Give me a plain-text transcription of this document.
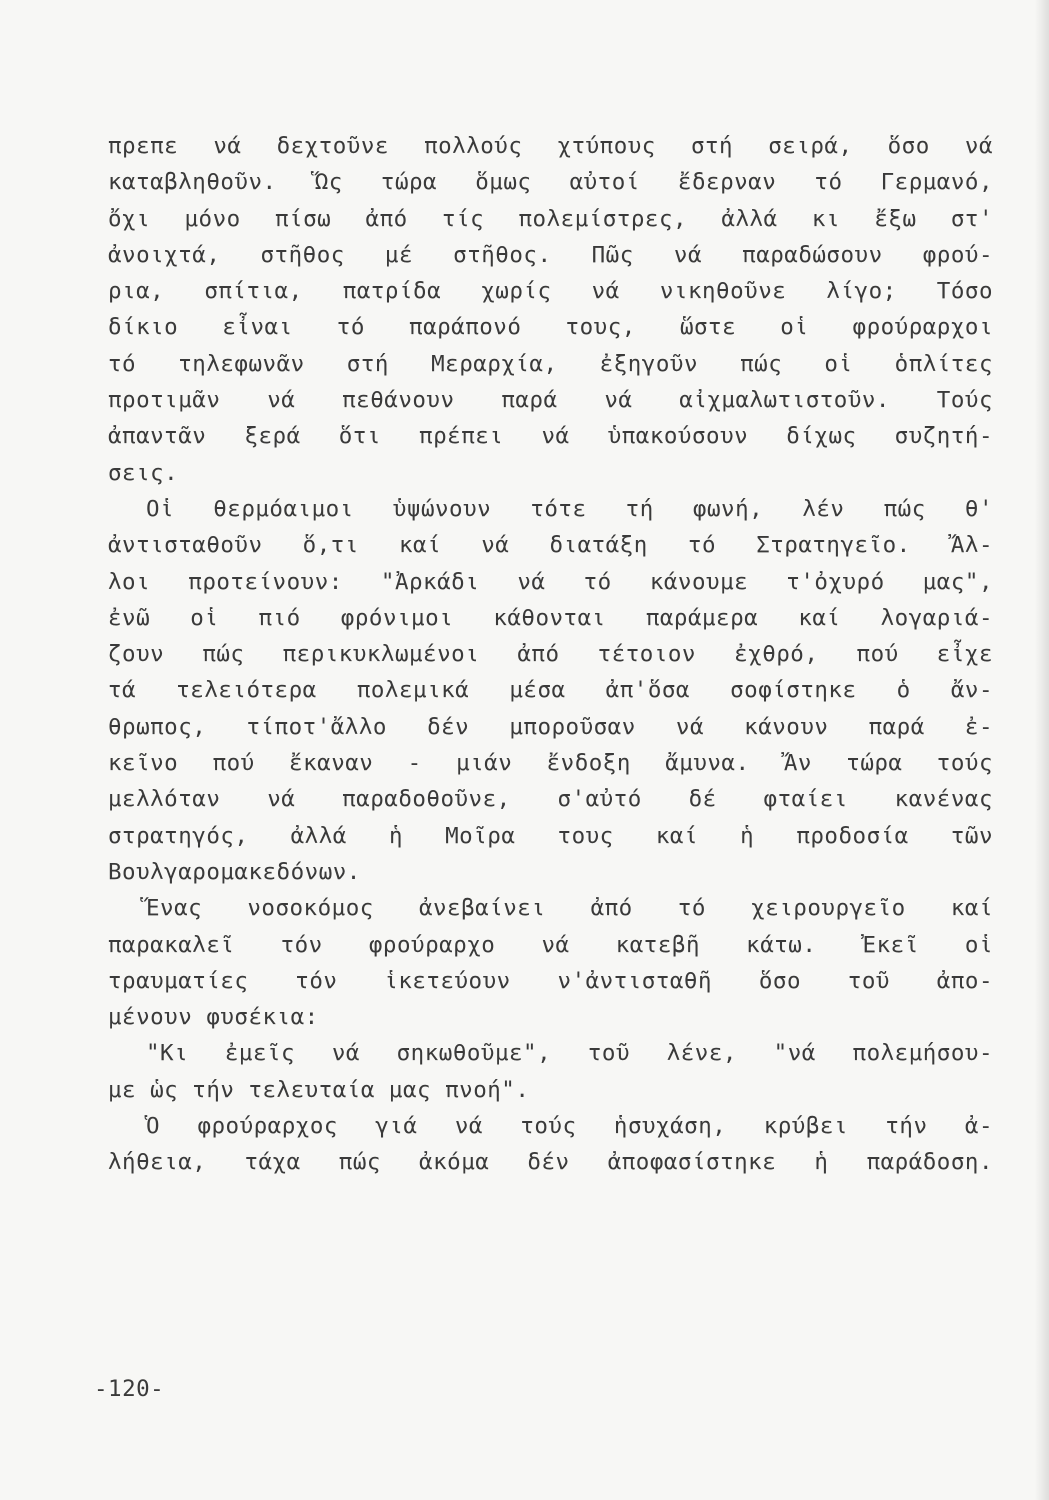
πρεπε νά δεχτοῦνε πολλούς χτύπους στή σειρά, ὅσο νά
καταβληθοῦν. Ὥς τώρα ὅμως αὐτοί ἔδερναν τό Γερμανό,
ὄχι μόνο πίσω ἀπό τίς πολεμίστρες, ἀλλά κι ἔξω στ'
ἀνοιχτά, στῆθος μέ στῆθος. Πῶς νά παραδώσουν φρού-
ρια, σπίτια, πατρίδα χωρίς νά νικηθοῦνε λίγο; Τόσο
δίκιο εἶναι τό παράπονό τους, ὥστε οἱ φρούραρχοι
τό τηλεφωνᾶν στή Μεραρχία, ἐξηγοῦν πώς οἱ ὁπλίτες
προτιμᾶν νά πεθάνουν παρά νά αἰχμαλωτιστοῦν. Τούς
ἀπαντᾶν ξερά ὅτι πρέπει νά ὑπακούσουν δίχως συζητή-
σεις.
Οἱ θερμόαιμοι ὑψώνουν τότε τή φωνή, λέν πώς θ'
ἀντισταθοῦν ὅ,τι καί νά διατάξη τό Στρατηγεῖο. Ἄλ-
λοι προτείνουν: "Ἀρκάδι νά τό κάνουμε τ'ὀχυρό μας",
ἐνῶ οἱ πιό φρόνιμοι κάθονται παράμερα καί λογαριά-
ζουν πώς περικυκλωμένοι ἀπό τέτοιον ἐχθρό, πού εἶχε
τά τελειότερα πολεμικά μέσα ἀπ'ὅσα σοφίστηκε ὁ ἄν-
θρωπος, τίποτ'ἄλλο δέν μποροῦσαν νά κάνουν παρά ἐ-
κεῖνο πού ἔκαναν - μιάν ἔνδοξη ἄμυνα. Ἄν τώρα τούς
μελλόταν νά παραδοθοῦνε, σ'αὐτό δέ φταίει κανένας
στρατηγός, ἀλλά ἡ Μοῖρα τους καί ἡ προδοσία τῶν
Βουλγαρομακεδόνων.
Ἕνας νοσοκόμος ἀνεβαίνει ἀπό τό χειρουργεῖο καί
παρακαλεῖ τόν φρούραρχο νά κατεβῆ κάτω. Ἐκεῖ οἱ
τραυματίες τόν ἱκετεύουν ν'ἀντισταθῆ ὅσο τοῦ ἀπο-
μένουν φυσέκια:
"Κι ἐμεῖς νά σηκωθοῦμε", τοῦ λένε, "νά πολεμήσου-
με ὡς τήν τελευταία μας πνοή".
Ὁ φρούραρχος γιά νά τούς ἡσυχάση, κρύβει τήν ἀ-
λήθεια, τάχα πώς ἀκόμα δέν ἀποφασίστηκε ἡ παράδοση.
-120-
